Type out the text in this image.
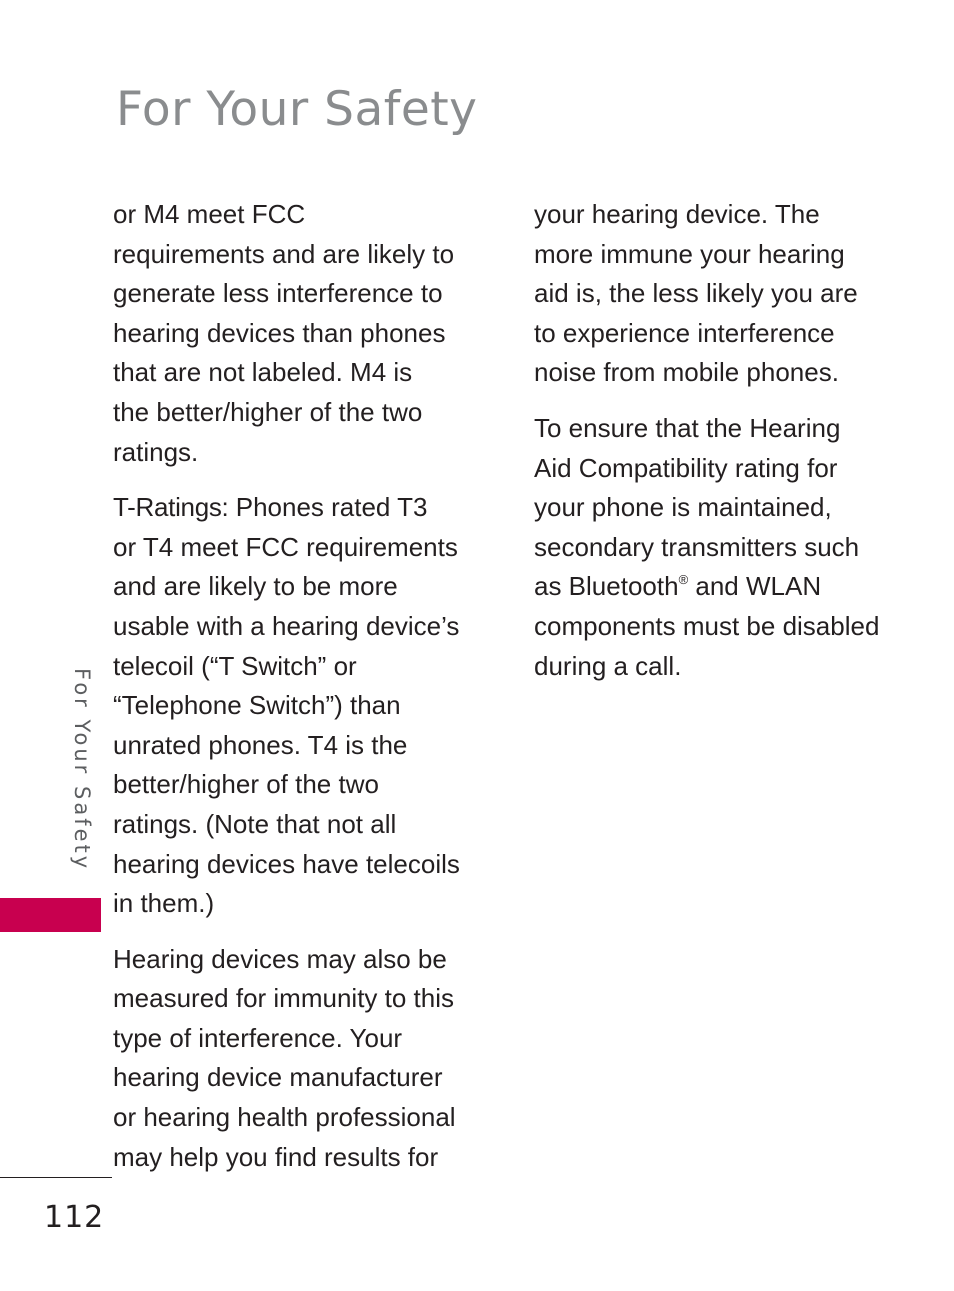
For Your Safety

or M4 meet FCC
requirements and are likely to
generate less interference to
hearing devices than phones
that are not labeled. M4 is
the better/higher of the two
ratings.

T-Ratings: Phones rated T3
or T4 meet FCC requirements
and are likely to be more
usable with a hearing device’s
telecoil (“T Switch” or
“Telephone Switch”) than
unrated phones. T4 is the
better/higher of the two
ratings. (Note that not all
hearing devices have telecoils
in them.)

Hearing devices may also be
measured for immunity to this
type of interference. Your
hearing device manufacturer
or hearing health professional
may help you find results for

your hearing device. The
more immune your hearing
aid is, the less likely you are
to experience interference
noise from mobile phones.

To ensure that the Hearing
Aid Compatibility rating for
your phone is maintained,
secondary transmitters such
as Bluetooth® and WLAN
components must be disabled
during a call.

For Your Safety
112
